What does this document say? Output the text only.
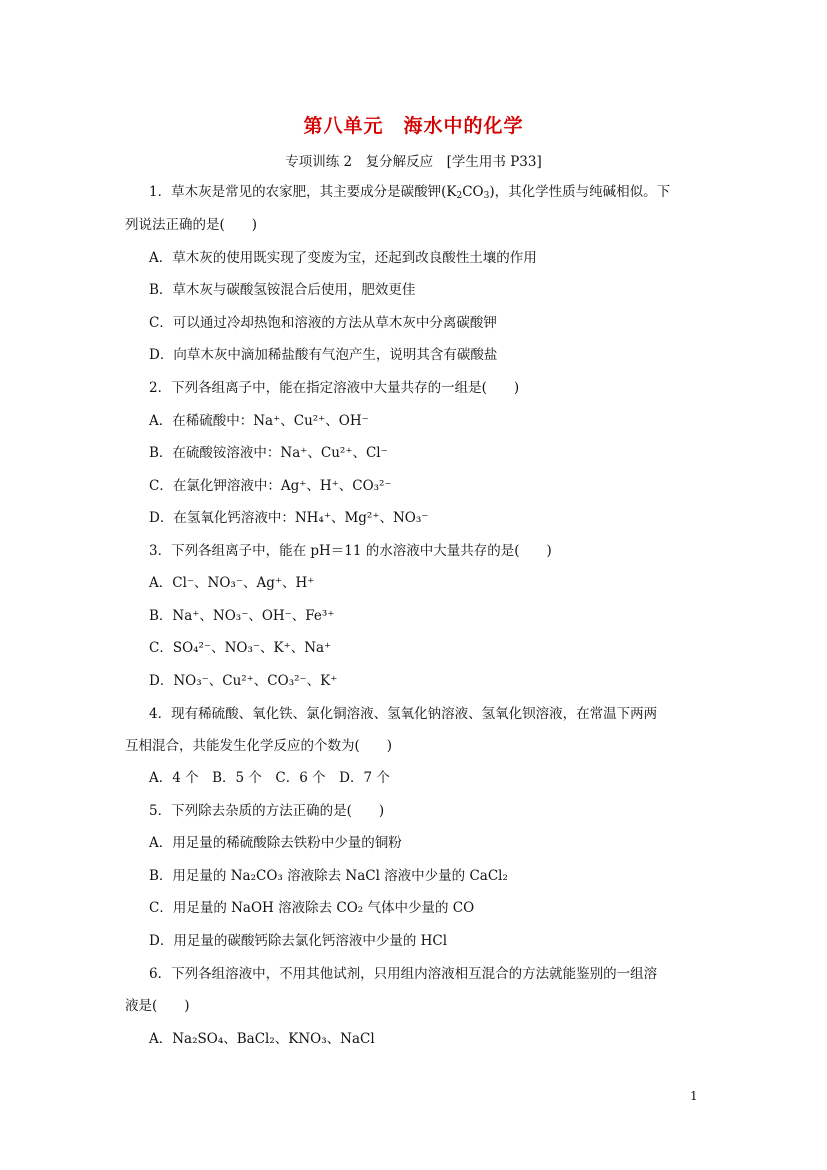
第八单元　海水中的化学
专项训练 2　复分解反应　[学生用书 P33]
1．草木灰是常见的农家肥，其主要成分是碳酸钾$(K_2CO_3)$，其化学性质与纯碱相似。下
列说法正确的是(　　)
A．草木灰的使用既实现了变废为宝，还起到改良酸性土壤的作用
B．草木灰与碳酸氢铵混合后使用，肥效更佳
C．可以通过冷却热饱和溶液的方法从草木灰中分离碳酸钾
D．向草木灰中滴加稀盐酸有气泡产生，说明其含有碳酸盐
2．下列各组离子中，能在指定溶液中大量共存的一组是(　　)
A．在稀硫酸中：Na⁺、Cu²⁺、OH⁻
B．在硫酸铵溶液中：Na⁺、Cu²⁺、Cl⁻
C．在氯化钾溶液中：Ag⁺、H⁺、CO₃²⁻
D．在氢氧化钙溶液中：NH₄⁺、Mg²⁺、NO₃⁻
3．下列各组离子中，能在 pH＝11 的水溶液中大量共存的是(　　)
A．Cl⁻、NO₃⁻、Ag⁺、H⁺
B．Na⁺、NO₃⁻、OH⁻、Fe³⁺
C．SO₄²⁻、NO₃⁻、K⁺、Na⁺
D．NO₃⁻、Cu²⁺、CO₃²⁻、K⁺
4．现有稀硫酸、氧化铁、氯化铜溶液、氢氧化钠溶液、氢氧化钡溶液，在常温下两两
互相混合，共能发生化学反应的个数为(　　)
A．4 个　B．5 个　C．6 个　D．7 个
5．下列除去杂质的方法正确的是(　　)
A．用足量的稀硫酸除去铁粉中少量的铜粉
B．用足量的 Na₂CO₃ 溶液除去 NaCl 溶液中少量的 CaCl₂
C．用足量的 NaOH 溶液除去 CO₂ 气体中少量的 CO
D．用足量的碳酸钙除去氯化钙溶液中少量的 HCl
6．下列各组溶液中，不用其他试剂，只用组内溶液相互混合的方法就能鉴别的一组溶
液是(　　)
A．Na₂SO₄、BaCl₂、KNO₃、NaCl
1
